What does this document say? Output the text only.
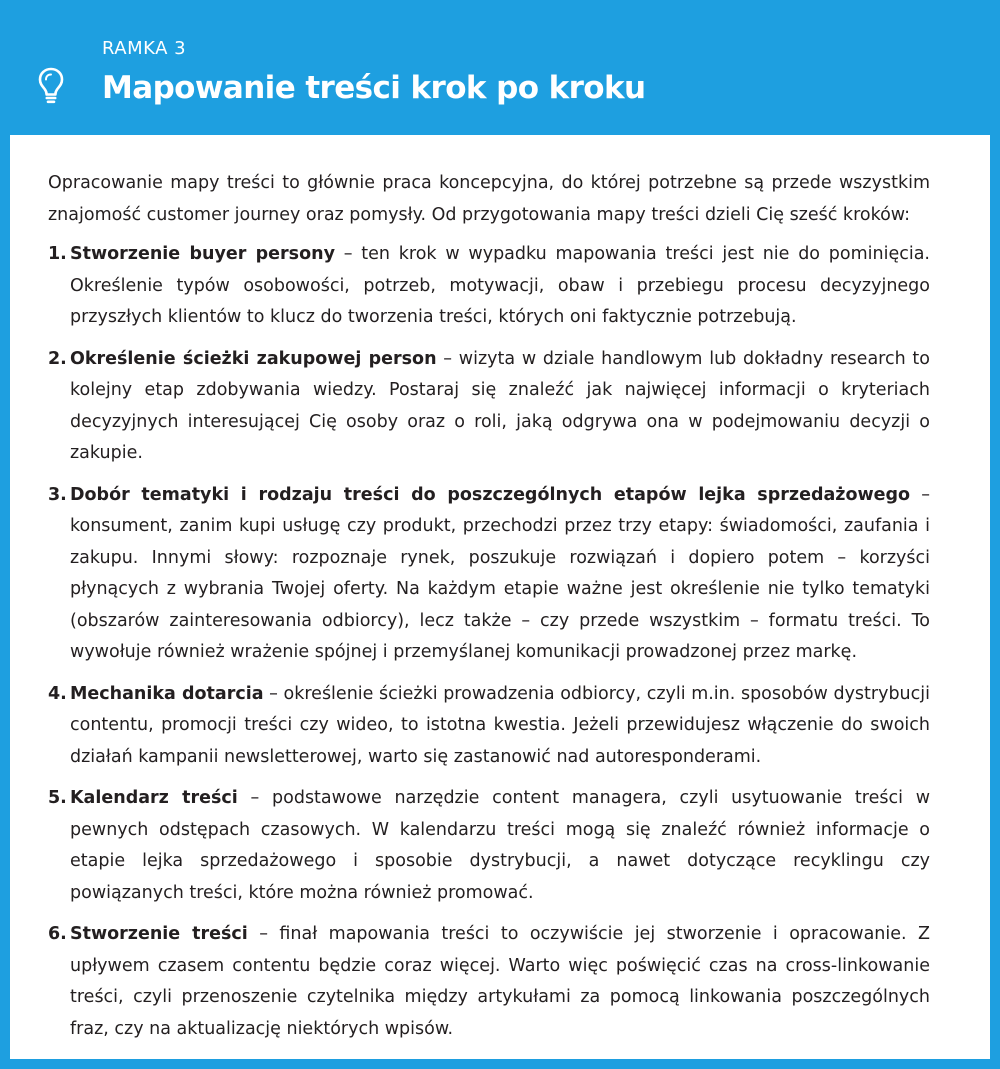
RAMKA 3
Mapowanie treści krok po kroku

Opracowanie mapy treści to głównie praca koncepcyjna, do której potrzebne są przede wszystkim znajomość customer journey oraz pomysły. Od przygotowania mapy treści dzieli Cię sześć kroków:

1. Stworzenie buyer persony – ten krok w wypadku mapowania treści jest nie do pominięcia. Określenie typów osobowości, potrzeb, motywacji, obaw i przebiegu procesu decyzyjnego przyszłych klientów to klucz do tworzenia treści, których oni faktycznie potrzebują.
2. Określenie ścieżki zakupowej person – wizyta w dziale handlowym lub dokładny research to kolejny etap zdobywania wiedzy. Postaraj się znaleźć jak najwięcej informacji o kryteriach decyzyjnych interesującej Cię osoby oraz o roli, jaką odgrywa ona w podejmowaniu decyzji o zakupie.
3. Dobór tematyki i rodzaju treści do poszczególnych etapów lejka sprzedażowego – konsument, zanim kupi usługę czy produkt, przechodzi przez trzy etapy: świadomości, zaufania i zakupu. Innymi słowy: rozpoznaje rynek, poszukuje rozwiązań i dopiero potem – korzyści płynących z wybrania Twojej oferty. Na każdym etapie ważne jest określenie nie tylko tematyki (obszarów zainteresowania odbiorcy), lecz także – czy przede wszystkim – formatu treści. To wywołuje również wrażenie spójnej i przemyślanej komunikacji prowadzonej przez markę.
4. Mechanika dotarcia – określenie ścieżki prowadzenia odbiorcy, czyli m.in. sposobów dystrybucji contentu, promocji treści czy wideo, to istotna kwestia. Jeżeli przewidujesz włączenie do swoich działań kampanii newsletterowej, warto się zastanowić nad autoresponderami.
5. Kalendarz treści – podstawowe narzędzie content managera, czyli usytuowanie treści w pewnych odstępach czasowych. W kalendarzu treści mogą się znaleźć również informacje o etapie lejka sprzedażowego i sposobie dystrybucji, a nawet dotyczące recyklingu czy powiązanych treści, które można również promować.
6. Stworzenie treści – finał mapowania treści to oczywiście jej stworzenie i opracowanie. Z upływem czasem contentu będzie coraz więcej. Warto więc poświęcić czas na cross-linkowanie treści, czyli przenoszenie czytelnika między artykułami za pomocą linkowania poszczególnych fraz, czy na aktualizację niektórych wpisów.
